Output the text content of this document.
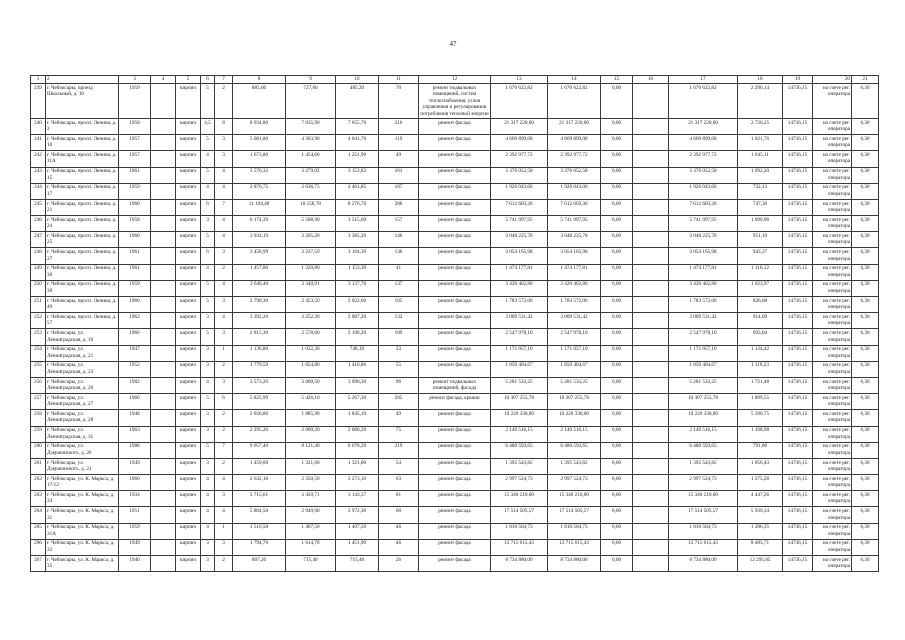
47
1	2	3	4	5	6	7	8	9	10	11	12	13	14	15	16	17	18	19	20	21
239	г. Чебоксары, проезд Школьный, д. 10	1959		кирпич	5	2	885,60	727,60	485,20	70	ремонт подвальных помещений, систем теплоснабжения, узлов управления и регулирования потребления тепловой энергии	1 670 622,82	1 670 622,82	0,00		1 670 622,82	2 296,14	14736,15	на счете рег. оператора	6,30
240	г. Чебоксары, просп. Ленина, д. 2	1958		кирпич	4,5	8	8 934,80	7 835,90	7 655,70	216	ремонт фасада	21 317 220,00	21 317 220,00	0,00		21 317 220,00	2 720,25	14736,15	на счете рег. оператора	6,30
241	г. Чебоксары, просп. Ленина, д. 10	1957		кирпич	5	3	5 081,80	4 363,90	4 041,70	119	ремонт фасада	4 669 899,08	4 669 899,08	0,00		4 669 899,08	1 021,76	14736,15	на счете рег. оператора	6,30
242	г. Чебоксары, просп. Ленина, д. 11А	1957		кирпич	4	3	1 673,80	1 454,60	1 251,90	49	ремонт фасада	2 392 977,72	2 392 977,72	0,00		2 392 977,72	1 645,11	14736,15	на счете рег. оператора	6,30
243	г. Чебоксары, просп. Ленина, д. 15	1961		кирпич	5	4	3 576,32	3 279,02	3 153,82	161	ремонт фасада	3 376 052,58	3 376 052,58	0,00		3 376 052,58	1 092,20	14736,15	на счете рег. оператора	6,30
244	г. Чебоксары, просп. Ленина, д. 17	1959		кирпич	4	4	2 870,75	2 636,75	2 461,85	107	ремонт фасада	1 926 043,06	1 926 043,06	0,00		1 926 043,06	732,13	14736,15	на счете рег. оператора	6,30
245	г. Чебоксары, просп. Ленина, д. 21	1960		кирпич	6	7	11 194,48	10 158,78	8 276,70	288	ремонт фасада	7 612 603,36	7 612 603,36	0,00		7 612 603,36	747,30	14736,15	на счете рег. оператора	6,30
246	г. Чебоксары, просп. Ленина, д. 24	1958		кирпич	3	4	6 174,39	5 588,90	3 515,60	157	ремонт фасада	5 741 997,95	5 741 997,95	0,00		5 741 997,95	1 090,96	14736,15	на счете рег. оператора	6,30
247	г. Чебоксары, просп. Ленина, д. 25	1960		кирпич	5	4	3 934,19	3 205,20	3 385,20	146	ремонт фасада	3 048 225,78	3 048 225,78	0,00		3 048 225,78	951,10	14736,15	на счете рег. оператора	6,30
248	г. Чебоксары, просп. Ленина, д. 27	1961		кирпич	6	3	3 458,99	3 237,59	3 164,30	136	ремонт фасада	3 054 165,98	3 054 165,98	0,00		3 054 165,98	943,37	14736,15	на счете рег. оператора	6,30
249	г. Чебоксары, просп. Ленина, д. 30	1961		кирпич	4	2	1 457,80	1 320,80	1 153,30	41	ремонт фасада	1 474 177,81	1 474 177,81	0,00		1 474 177,81	1 116,12	14736,15	на счете рег. оператора	6,30
250	г. Чебоксары, просп. Ленина, д. 39	1959		кирпич	5	4	3 640,40	3 340,91	3 137,70	137	ремонт фасада	3 420 462,80	3 420 462,80	0,00		3 420 462,80	1 023,97	14736,15	на счете рег. оператора	6,30
251	г. Чебоксары, просп. Ленина, д. 49	1960		кирпич	5	3	2 790,30	2 453,50	2 022,60	105	ремонт фасада	1 783 572,06	1 783 572,06	0,00		1 783 572,06	826,68	14736,15	на счете рег. оператора	6,30
252	г. Чебоксары, просп. Ленина, д. 57	1962		кирпич	3	4	3 392,20	3 252,20	2 887,20	132	ремонт фасада	3 009 531,42	3 009 531,42	0,00		3 009 531,42	914,69	14736,15	на счете рег. оператора	6,30
253	г. Чебоксары, ул. Ленинградская, д. 16	1966		кирпич	5	3	2 815,30	2 578,60	2 196,20	109	ремонт фасада	2 547 978,10	2 547 978,10	0,00		2 547 978,10	993,04	14736,15	на счете рег. оператора	6,30
254	г. Чебоксары, ул. Ленинградская, д. 21	1947		кирпич	3	1	1 136,80	1 032,30	748,10	33	ремонт фасада	1 171 057,10	1 171 057,10	0,00		1 171 057,10	1 134,42	14736,15	на счете рег. оператора	6,30
255	г. Чебоксары, ул. Ленинградская, д. 23	1952		кирпич	3	2	1 779,59	1 654,80	1 416,86	55	ремонт фасада	1 850 404,67	1 850 404,67	0,00		1 850 404,67	1 118,23	14736,15	на счете рег. оператора	6,30
256	г. Чебоксары, ул. Ленинградская, д. 26	1982		кирпич	4	3	3 573,20	3 069,50	3 090,30	96	ремонт подвальных помещений, фасада	5 281 533,25	5 281 533,25	0,00		5 281 533,25	1 721,48	14736,15	на счете рег. оператора	6,30
257	г. Чебоксары, ул. Ленинградская, д. 27	1960		кирпич	5	6	5 825,99	5 426,10	5 267,30	205	ремонт фасада, крыши	10 307 255,78	10 307 255,78	0,00		10 307 255,78	1 899,55	14736,15	на счете рег. оператора	6,30
258	г. Чебоксары, ул. Ленинградская, д. 28	1948		кирпич	3	2	2 026,80	1 885,90	1 845,10	49	ремонт фасада	10 220 330,00	10 220 330,00	0,00		10 220 330,00	5 390,75	14736,15	на счете рег. оператора	6,30
259	г. Чебоксары, ул. Ленинградская, д. 31	1963		кирпич	3	2	2 295,20	2 069,20	2 080,20	75	ремонт фасада	2 140 516,15	2 140 516,15	0,00		2 140 516,15	1 168,98	14736,15	на счете рег. оператора	6,30
260	г. Чебоксары, ул. Дзержинского, д. 26	1988		кирпич	5	7	9 057,40	8 121,40	6 678,20	219	ремонт фасада	6 480 593,65	6 480 593,65	0,00		6 480 593,65	791,80	14736,15	на счете рег. оператора	6,30
261	г. Чебоксары, ул. Дзержинского, д. 21	1949		кирпич	3	2	1 459,00	1 321,00	1 321,00	54	ремонт фасада	1 395 543,82	1 395 543,82	0,00		1 395 543,82	1 056,43	14736,15	на счете рег. оператора	6,30
262	г. Чебоксары, ул. К. Маркса, д. 17/12	1960		кирпич	4	4	2 632,10	2 350,50	2 273,10	63	ремонт фасада	2 997 524,73	2 997 524,73	0,00		2 997 524,73	1 275,28	14736,15	на счете рег. оператора	6,30
263	г. Чебоксары, ул. К. Маркса, д. 24	1934		кирпич	4	3	3 715,61	3 450,71	3 143,37	81	ремонт фасада	15 346 210,00	15 346 210,00	0,00		15 346 210,00	4 447,26	14736,15	на счете рег. оператора	6,30
264	г. Чебоксары, ул. К. Маркса, д. 31	1951		кирпич	4	4	5 804,50	2 949,90	2 972,30	60	ремонт фасада	17 514 505,57	17 514 505,57	0,00		17 514 505,57	5 939,34	14736,15	на счете рег. оператора	6,30
265	г. Чебоксары, ул. К. Маркса, д. 31А	1959		кирпич	4	1	1 516,50	1 407,50	1 407,50	46	ремонт фасада	1 810 564,73	1 810 564,73	0,00		1 810 564,73	1 286,35	14736,15	на счете рег. оператора	6,30
266	г. Чебоксары, ул. К. Маркса, д. 33	1949		кирпич	3	3	1 794,70	1 614,70	1 451,90	46	ремонт фасада	13 715 615,43	13 715 615,43	0,00		13 715 615,43	8 483,71	14736,15	на счете рег. оператора	6,30
267	г. Чебоксары, ул. К. Маркса, д. 35	1940		кирпич	3	2	807,20	715,40	715,40	26	ремонт фасада	8 734 880,00	8 734 880,00	0,00		8 734 880,00	12 295,85	14736,15	на счете рег. оператора	6,30
